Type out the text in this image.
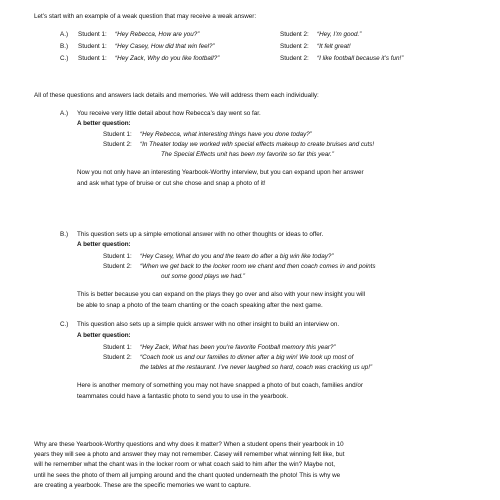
Let’s start with an example of a weak question that may receive a weak answer:

A.) Student 1: “Hey Rebecca, How are you?”	Student 2: “Hey, I’m good.”
B.) Student 1: “Hey Casey, How did that win feel?”	Student 2: “It felt great!
C.) Student 1: “Hey Zack, Why do you like football?”	Student 2: “I like football because it’s fun!”

All of these questions and answers lack details and memories. We will address them each individually:

A.) You receive very little detail about how Rebecca’s day went so far.

A better question:

Student 1: “Hey Rebecca, what interesting things have you done today?”
Student 2: “In Theater today we worked with special effects makeup to create bruises and cuts!

The Special Effects unit has been my favorite so far this year.”

Now you not only have an interesting Yearbook-Worthy interview, but you can expand upon her answer

and ask what type of bruise or cut she chose and snap a photo of it!

B.) This question sets up a simple emotional answer with no other thoughts or ideas to offer.

A better question:

Student 1: “Hey Casey, What do you and the team do after a big win like today?”
Student 2: “When we get back to the locker room we chant and then coach comes in and points

out some good plays we had.”

This is better because you can expand on the plays they go over and also with your new insight you will

be able to snap a photo of the team chanting or the coach speaking after the next game.

C.) This question also sets up a simple quick answer with no other insight to build an interview on.

A better question:

Student 1: “Hey Zack, What has been you’re favorite Football memory this year?”
Student 2: “Coach took us and our families to dinner after a big win! We took up most of

the tables at the restaurant. I’ve never laughed so hard, coach was cracking us up!”

Here is another memory of something you may not have snapped a photo of but coach, families and/or

teammates could have a fantastic photo to send you to use in the yearbook.

Why are these Yearbook-Worthy questions and why does it matter? When a student opens their yearbook in 10

years they will see a photo and answer they may not remember. Casey will remember what winning felt like, but

will he remember what the chant was in the locker room or what coach said to him after the win? Maybe not,

until he sees the photo of them all jumping around and the chant quoted underneath the photo! This is why we

are creating a yearbook. These are the specific memories we want to capture.
